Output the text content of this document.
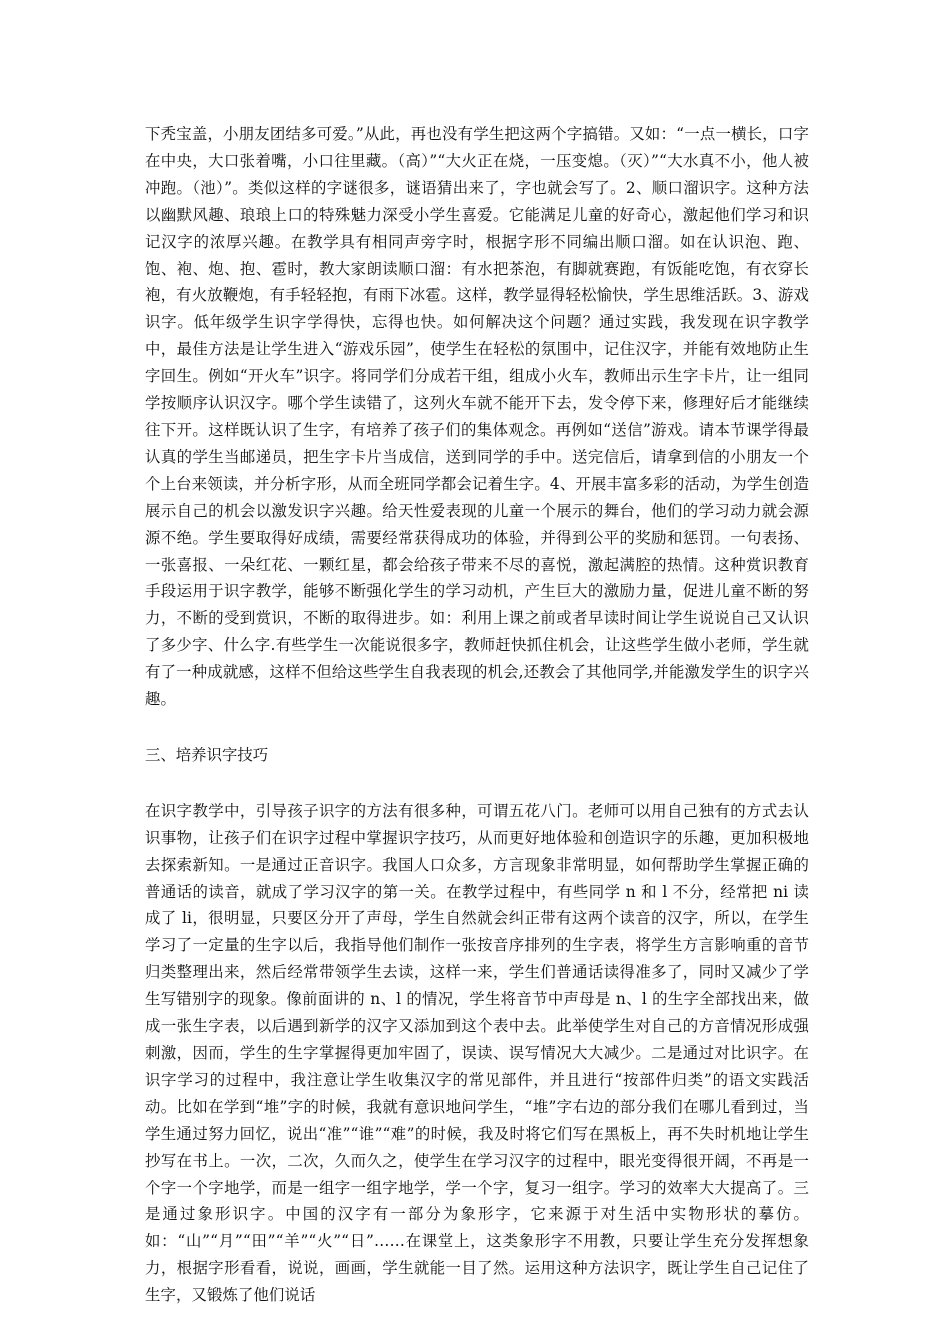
下秃宝盖，小朋友团结多可爱。”从此，再也没有学生把这两个字搞错。又如：“一点一横长，口字在中央，大口张着嘴，小口往里藏。（高）”“大火正在烧，一压变熄。（灭）”“大水真不小，他人被冲跑。（池）”。类似这样的字谜很多，谜语猜出来了，字也就会写了。2、顺口溜识字。这种方法以幽默风趣、琅琅上口的特殊魅力深受小学生喜爱。它能满足儿童的好奇心，激起他们学习和识记汉字的浓厚兴趣。在教学具有相同声旁字时，根据字形不同编出顺口溜。如在认识泡、跑、饱、袍、炮、抱、雹时，教大家朗读顺口溜：有水把茶泡，有脚就赛跑，有饭能吃饱，有衣穿长袍，有火放鞭炮，有手轻轻抱，有雨下冰雹。这样，教学显得轻松愉快，学生思维活跃。3、游戏识字。低年级学生识字学得快，忘得也快。如何解决这个问题？通过实践，我发现在识字教学中，最佳方法是让学生进入“游戏乐园”，使学生在轻松的氛围中，记住汉字，并能有效地防止生字回生。例如“开火车”识字。将同学们分成若干组，组成小火车，教师出示生字卡片，让一组同学按顺序认识汉字。哪个学生读错了，这列火车就不能开下去，发令停下来，修理好后才能继续往下开。这样既认识了生字，有培养了孩子们的集体观念。再例如“送信”游戏。请本节课学得最认真的学生当邮递员，把生字卡片当成信，送到同学的手中。送完信后，请拿到信的小朋友一个个上台来领读，并分析字形，从而全班同学都会记着生字。4、开展丰富多彩的活动，为学生创造展示自己的机会以激发识字兴趣。给天性爱表现的儿童一个展示的舞台，他们的学习动力就会源源不绝。学生要取得好成绩，需要经常获得成功的体验，并得到公平的奖励和惩罚。一句表扬、一张喜报、一朵红花、一颗红星，都会给孩子带来不尽的喜悦，激起满腔的热情。这种赏识教育手段运用于识字教学，能够不断强化学生的学习动机，产生巨大的激励力量，促进儿童不断的努力，不断的受到赏识，不断的取得进步。如：利用上课之前或者早读时间让学生说说自己又认识了多少字、什么字.有些学生一次能说很多字，教师赶快抓住机会，让这些学生做小老师，学生就有了一种成就感，这样不但给这些学生自我表现的机会,还教会了其他同学,并能激发学生的识字兴趣。

三、培养识字技巧

在识字教学中，引导孩子识字的方法有很多种，可谓五花八门。老师可以用自己独有的方式去认识事物，让孩子们在识字过程中掌握识字技巧，从而更好地体验和创造识字的乐趣，更加积极地去探索新知。一是通过正音识字。我国人口众多，方言现象非常明显，如何帮助学生掌握正确的普通话的读音，就成了学习汉字的第一关。在教学过程中，有些同学 n 和 l 不分，经常把 ni 读成了 li，很明显，只要区分开了声母，学生自然就会纠正带有这两个读音的汉字，所以，在学生学习了一定量的生字以后，我指导他们制作一张按音序排列的生字表，将学生方言影响重的音节归类整理出来，然后经常带领学生去读，这样一来，学生们普通话读得准多了，同时又减少了学生写错别字的现象。像前面讲的 n、l 的情况，学生将音节中声母是 n、l 的生字全部找出来，做成一张生字表，以后遇到新学的汉字又添加到这个表中去。此举使学生对自己的方音情况形成强刺激，因而，学生的生字掌握得更加牢固了，误读、误写情况大大减少。二是通过对比识字。在识字学习的过程中，我注意让学生收集汉字的常见部件，并且进行“按部件归类”的语文实践活动。比如在学到“堆”字的时候，我就有意识地问学生，“堆”字右边的部分我们在哪儿看到过，当学生通过努力回忆，说出“准”“谁”“难”的时候，我及时将它们写在黑板上，再不失时机地让学生抄写在书上。一次，二次，久而久之，使学生在学习汉字的过程中，眼光变得很开阔，不再是一个字一个字地学，而是一组字一组字地学，学一个字，复习一组字。学习的效率大大提高了。三是通过象形识字。中国的汉字有一部分为象形字，它来源于对生活中实物形状的摹仿。如：“山”“月”“田”“羊”“火”“日”……在课堂上，这类象形字不用教，只要让学生充分发挥想象力，根据字形看看，说说，画画，学生就能一目了然。运用这种方法识字，既让学生自己记住了生字，又锻炼了他们说话
